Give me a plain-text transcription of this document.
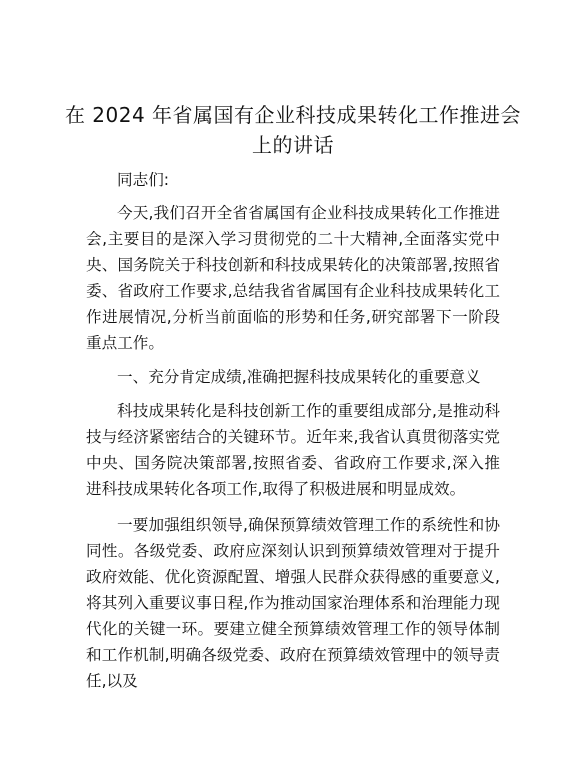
在 2024 年省属国有企业科技成果转化工作推进会上的讲话

同志们:

今天,我们召开全省省属国有企业科技成果转化工作推进会,主要目的是深入学习贯彻党的二十大精神,全面落实党中央、国务院关于科技创新和科技成果转化的决策部署,按照省委、省政府工作要求,总结我省省属国有企业科技成果转化工作进展情况,分析当前面临的形势和任务,研究部署下一阶段重点工作。

一、充分肯定成绩,准确把握科技成果转化的重要意义

科技成果转化是科技创新工作的重要组成部分,是推动科技与经济紧密结合的关键环节。近年来,我省认真贯彻落实党中央、国务院决策部署,按照省委、省政府工作要求,深入推进科技成果转化各项工作,取得了积极进展和明显成效。

一要加强组织领导,确保预算绩效管理工作的系统性和协同性。各级党委、政府应深刻认识到预算绩效管理对于提升政府效能、优化资源配置、增强人民群众获得感的重要意义,将其列入重要议事日程,作为推动国家治理体系和治理能力现代化的关键一环。要建立健全预算绩效管理工作的领导体制和工作机制,明确各级党委、政府在预算绩效管理中的领导责任,以及
